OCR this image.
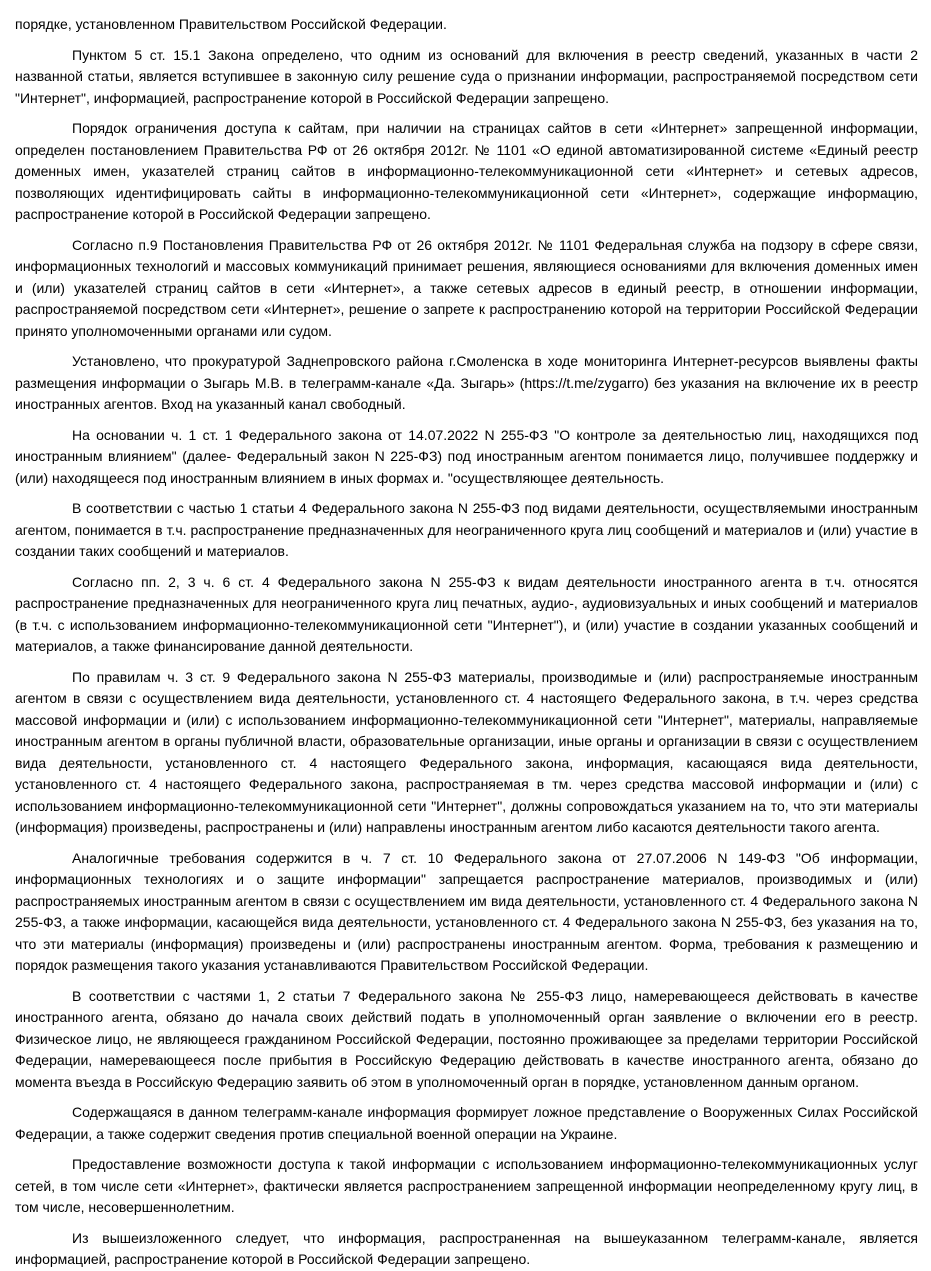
порядке, установленном Правительством Российской Федерации.

Пунктом 5 ст. 15.1 Закона определено, что одним из оснований для включения в реестр сведений, указанных в части 2 названной статьи, является вступившее в законную силу решение суда о признании информации, распространяемой посредством сети "Интернет", информацией, распространение которой в Российской Федерации запрещено.

Порядок ограничения доступа к сайтам, при наличии на страницах сайтов в сети «Интернет» запрещенной информации, определен постановлением Правительства РФ от 26 октября 2012г. № 1101 «О единой автоматизированной системе «Единый реестр доменных имен, указателей страниц сайтов в информационно-телекоммуникационной сети «Интернет» и сетевых адресов, позволяющих идентифицировать сайты в информационно-телекоммуникационной сети «Интернет», содержащие информацию, распространение которой в Российской Федерации запрещено.

Согласно п.9 Постановления Правительства РФ от 26 октября 2012г. № 1101 Федеральная служба на подзору в сфере связи, информационных технологий и массовых коммуникаций принимает решения, являющиеся основаниями для включения доменных имен и (или) указателей страниц сайтов в сети «Интернет», а также сетевых адресов в единый реестр, в отношении информации, распространяемой посредством сети «Интернет», решение о запрете к распространению которой на территории Российской Федерации принято уполномоченными органами или судом.

Установлено, что прокуратурой Заднепровского района г.Смоленска в ходе мониторинга Интернет-ресурсов выявлены факты размещения информации о Зыгарь М.В. в телеграмм-канале «Да. Зыгарь» (https://t.me/zygarro) без указания на включение их в реестр иностранных агентов. Вход на указанный канал свободный.

На основании ч. 1 ст. 1 Федерального закона от 14.07.2022 N 255-ФЗ "О контроле за деятельностью лиц, находящихся под иностранным влиянием" (далее- Федеральный закон N 225-ФЗ) под иностранным агентом понимается лицо, получившее поддержку и (или) находящееся под иностранным влиянием в иных формах и. "осуществляющее деятельность.

В соответствии с частью 1 статьи 4 Федерального закона N 255-ФЗ под видами деятельности, осуществляемыми иностранным агентом, понимается в т.ч. распространение предназначенных для неограниченного круга лиц сообщений и материалов и (или) участие в создании таких сообщений и материалов.

Согласно пп. 2, 3 ч. 6 ст. 4 Федерального закона N 255-ФЗ к видам деятельности иностранного агента в т.ч. относятся распространение предназначенных для неограниченного круга лиц печатных, аудио-, аудиовизуальных и иных сообщений и материалов (в т.ч. с использованием информационно-телекоммуникационной сети "Интернет"), и (или) участие в создании указанных сообщений и материалов, а также финансирование данной деятельности.

По правилам ч. 3 ст. 9 Федерального закона N 255-ФЗ материалы, производимые и (или) распространяемые иностранным агентом в связи с осуществлением вида деятельности, установленного ст. 4 настоящего Федерального закона, в т.ч. через средства массовой информации и (или) с использованием информационно-телекоммуникационной сети "Интернет", материалы, направляемые иностранным агентом в органы публичной власти, образовательные организации, иные органы и организации в связи с осуществлением вида деятельности, установленного ст. 4 настоящего Федерального закона, информация, касающаяся вида деятельности, установленного ст. 4 настоящего Федерального закона, распространяемая в тм. через средства массовой информации и (или) с использованием информационно-телекоммуникационной сети "Интернет", должны сопровождаться указанием на то, что эти материалы (информация) произведены, распространены и (или) направлены иностранным агентом либо касаются деятельности такого агента.

Аналогичные требования содержится в ч. 7 ст. 10 Федерального закона от 27.07.2006 N 149-ФЗ "Об информации, информационных технологиях и о защите информации" запрещается распространение материалов, производимых и (или) распространяемых иностранным агентом в связи с осуществлением им вида деятельности, установленного ст. 4 Федерального закона N 255-ФЗ, а также информации, касающейся вида деятельности, установленного ст. 4 Федерального закона N 255-ФЗ, без указания на то, что эти материалы (информация) произведены и (или) распространены иностранным агентом. Форма, требования к размещению и порядок размещения такого указания устанавливаются Правительством Российской Федерации.

В соответствии с частями 1, 2 статьи 7 Федерального закона № 255-ФЗ лицо, намеревающееся действовать в качестве иностранного агента, обязано до начала своих действий подать в уполномоченный орган заявление о включении его в реестр. Физическое лицо, не являющееся гражданином Российской Федерации, постоянно проживающее за пределами территории Российской Федерации, намеревающееся после прибытия в Российскую Федерацию действовать в качестве иностранного агента, обязано до момента въезда в Российскую Федерацию заявить об этом в уполномоченный орган в порядке, установленном данным органом.

Содержащаяся в данном телеграмм-канале информация формирует ложное представление о Вооруженных Силах Российской Федерации, а также содержит сведения против специальной военной операции на Украине.

Предоставление возможности доступа к такой информации с использованием информационно-телекоммуникационных услуг сетей, в том числе сети «Интернет», фактически является распространением запрещенной информации неопределенному кругу лиц, в том числе, несовершеннолетним.

Из вышеизложенного следует, что информация, распространенная на вышеуказанном телеграмм-канале, является информацией, распространение которой в Российской Федерации запрещено.
